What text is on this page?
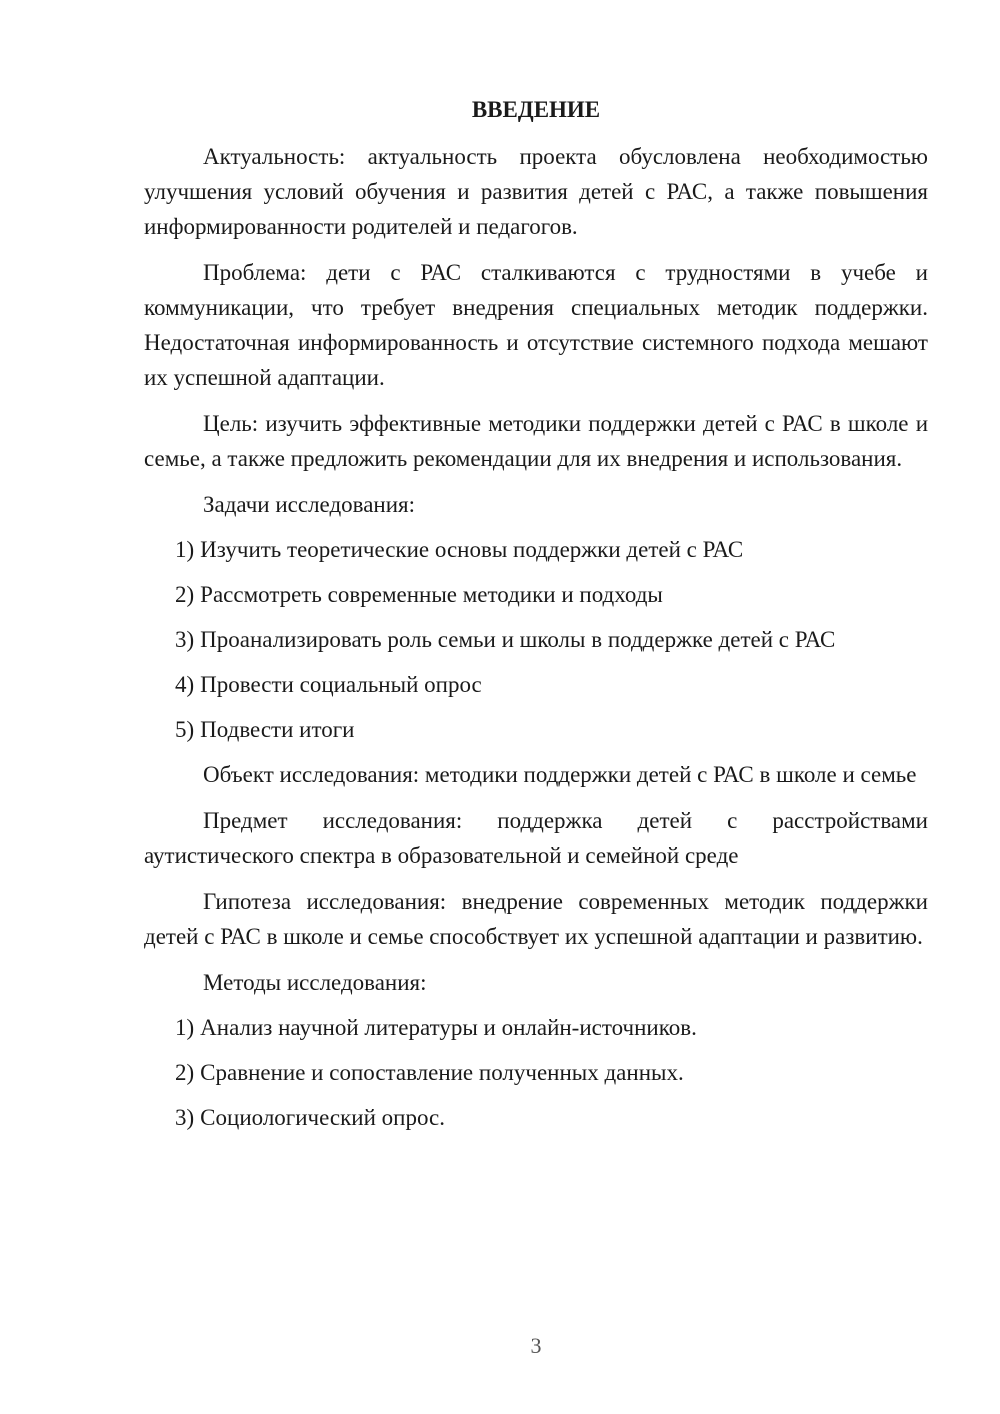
ВВЕДЕНИЕ

Актуальность: актуальность проекта обусловлена необходимостью улучшения условий обучения и развития детей с РАС, а также повышения информированности родителей и педагогов.

Проблема: дети с РАС сталкиваются с трудностями в учебе и коммуникации, что требует внедрения специальных методик поддержки. Недостаточная информированность и отсутствие системного подхода мешают их успешной адаптации.

Цель: изучить эффективные методики поддержки детей с РАС в школе и семье, а также предложить рекомендации для их внедрения и использования.

Задачи исследования:
1) Изучить теоретические основы поддержки детей с РАС
2) Рассмотреть современные методики и подходы
3) Проанализировать роль семьи и школы в поддержке детей с РАС
4) Провести социальный опрос
5) Подвести итоги

Объект исследования: методики поддержки детей с РАС в школе и семье

Предмет исследования: поддержка детей с расстройствами аутистического спектра в образовательной и семейной среде

Гипотеза исследования: внедрение современных методик поддержки детей с РАС в школе и семье способствует их успешной адаптации и развитию.

Методы исследования:
1) Анализ научной литературы и онлайн-источников.
2) Сравнение и сопоставление полученных данных.
3) Социологический опрос.
3
